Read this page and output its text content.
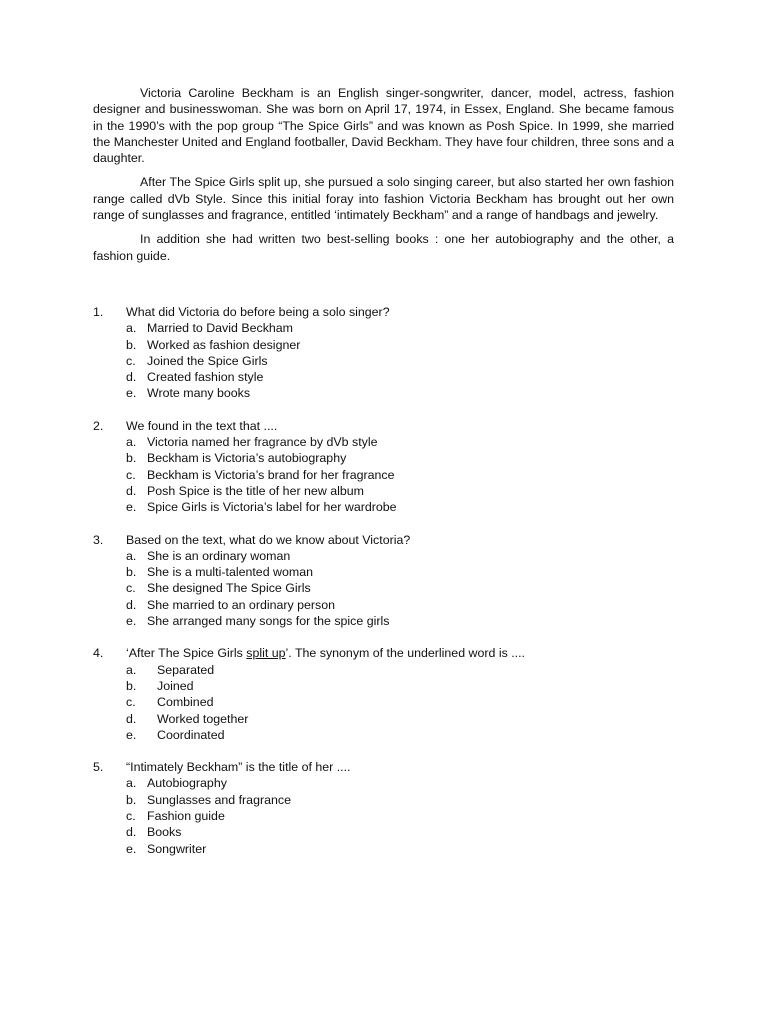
Victoria Caroline Beckham is an English singer-songwriter, dancer, model, actress, fashion designer and businesswoman. She was born on April 17, 1974, in Essex, England. She became famous in the 1990’s with the pop group “The Spice Girls” and was known as Posh Spice. In 1999, she married the Manchester United and England footballer, David Beckham. They have four children, three sons and a daughter.

After The Spice Girls split up, she pursued a solo singing career, but also started her own fashion range called dVb Style. Since this initial foray into fashion Victoria Beckham has brought out her own range of sunglasses and fragrance, entitled ‘intimately Beckham” and a range of handbags and jewelry.

In addition she had written two best-selling books : one her autobiography and the other, a fashion guide.

1.	What did Victoria do before being a solo singer?
a. Married to David Beckham
b. Worked as fashion designer
c. Joined the Spice Girls
d. Created fashion style
e. Wrote many books
2.	We found in the text that ....
a. Victoria named her fragrance by dVb style
b. Beckham is Victoria’s autobiography
c. Beckham is Victoria’s brand for her fragrance
d. Posh Spice is the title of her new album
e. Spice Girls is Victoria’s label for her wardrobe
3.	Based on the text, what do we know about Victoria?
a. She is an ordinary woman
b. She is a multi-talented woman
c. She designed The Spice Girls
d. She married to an ordinary person
e. She arranged many songs for the spice girls
4.	‘After The Spice Girls split up’. The synonym of the underlined word is ....
a.	Separated
b.	Joined
c.	Combined
d.	Worked together
e.	Coordinated
5.	“Intimately Beckham” is the title of her ....
a. Autobiography
b. Sunglasses and fragrance
c. Fashion guide
d. Books
e. Songwriter
